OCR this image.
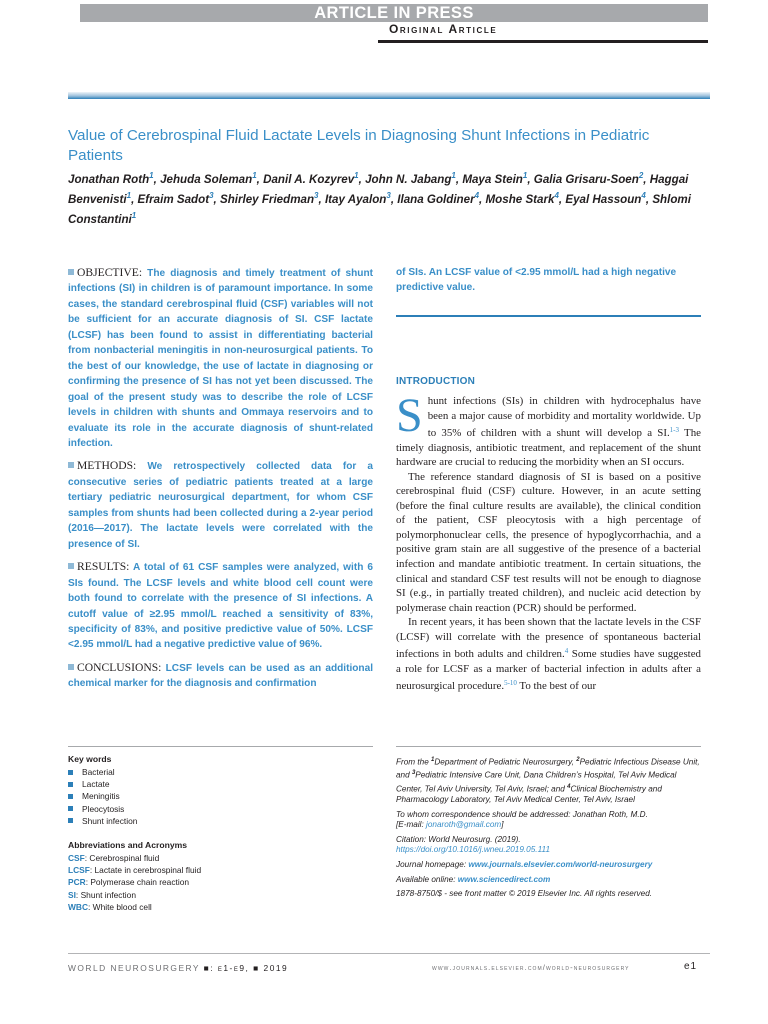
ARTICLE IN PRESS
Original Article
Value of Cerebrospinal Fluid Lactate Levels in Diagnosing Shunt Infections in Pediatric Patients
Jonathan Roth$^1$, Jehuda Soleman$^1$, Danil A. Kozyrev$^1$, John N. Jabang$^1$, Maya Stein$^1$, Galia Grisaru-Soen$^2$, Haggai Benvenisti$^1$, Efraim Sadot$^3$, Shirley Friedman$^3$, Itay Ayalon$^3$, Ilana Goldiner$^4$, Moshe Stark$^4$, Eyal Hassoun$^4$, Shlomi Constantini$^1$

OBJECTIVE: The diagnosis and timely treatment of shunt infections (SI) in children is of paramount importance. In some cases, the standard cerebrospinal fluid (CSF) variables will not be sufficient for an accurate diagnosis of SI. CSF lactate (LCSF) has been found to assist in differentiating bacterial from nonbacterial meningitis in non-neurosurgical patients. To the best of our knowledge, the use of lactate in diagnosing or confirming the presence of SI has not yet been discussed. The goal of the present study was to describe the role of LCSF levels in children with shunts and Ommaya reservoirs and to evaluate its role in the accurate diagnosis of shunt-related infection.

METHODS: We retrospectively collected data for a consecutive series of pediatric patients treated at a large tertiary pediatric neurosurgical department, for whom CSF samples from shunts had been collected during a 2-year period (2016—2017). The lactate levels were correlated with the presence of SI.

RESULTS: A total of 61 CSF samples were analyzed, with 6 SIs found. The LCSF levels and white blood cell count were both found to correlate with the presence of SI infections. A cutoff value of ≥2.95 mmol/L reached a sensitivity of 83%, specificity of 83%, and positive predictive value of 50%. LCSF <2.95 mmol/L had a negative predictive value of 96%.

CONCLUSIONS: LCSF levels can be used as an additional chemical marker for the diagnosis and confirmation

of SIs. An LCSF value of <2.95 mmol/L had a high negative predictive value.
INTRODUCTION

Shunt infections (SIs) in children with hydrocephalus have been a major cause of morbidity and mortality worldwide. Up to 35% of children with a shunt will develop a SI.$^{1-3}$ The timely diagnosis, antibiotic treatment, and replacement of the shunt hardware are crucial to reducing the morbidity when an SI occurs.

The reference standard diagnosis of SI is based on a positive cerebrospinal fluid (CSF) culture. However, in an acute setting (before the final culture results are available), the clinical condition of the patient, CSF pleocytosis with a high percentage of polymorphonuclear cells, the presence of hypoglycorrhachia, and a positive gram stain are all suggestive of the presence of a bacterial infection and mandate antibiotic treatment. In certain situations, the clinical and standard CSF test results will not be enough to diagnose SI (e.g., in partially treated children), and nucleic acid detection by polymerase chain reaction (PCR) should be performed.

In recent years, it has been shown that the lactate levels in the CSF (LCSF) will correlate with the presence of spontaneous bacterial infections in both adults and children.$^4$ Some studies have suggested a role for LCSF as a marker of bacterial infection in adults after a neurosurgical procedure.$^{5-10}$ To the best of our

Key words
Bacterial
Lactate
Meningitis
Pleocytosis
Shunt infection
Abbreviations and Acronyms
CSF: Cerebrospinal fluid
LCSF: Lactate in cerebrospinal fluid
PCR: Polymerase chain reaction
SI: Shunt infection
WBC: White blood cell

From the $^1$Department of Pediatric Neurosurgery, $^2$Pediatric Infectious Disease Unit, and $^3$Pediatric Intensive Care Unit, Dana Children’s Hospital, Tel Aviv Medical Center, Tel Aviv University, Tel Aviv, Israel; and $^4$Clinical Biochemistry and Pharmacology Laboratory, Tel Aviv Medical Center, Tel Aviv, Israel

To whom correspondence should be addressed: Jonathan Roth, M.D.
[E-mail: jonaroth@gmail.com]

Citation: World Neurosurg. (2019).
https://doi.org/10.1016/j.wneu.2019.05.111

Journal homepage: www.journals.elsevier.com/world-neurosurgery

Available online: www.sciencedirect.com

1878-8750/$ - see front matter © 2019 Elsevier Inc. All rights reserved.

WORLD NEUROSURGERY ■: e1-e9, ■ 2019	www.journals.elsevier.com/world-neurosurgery	e1
